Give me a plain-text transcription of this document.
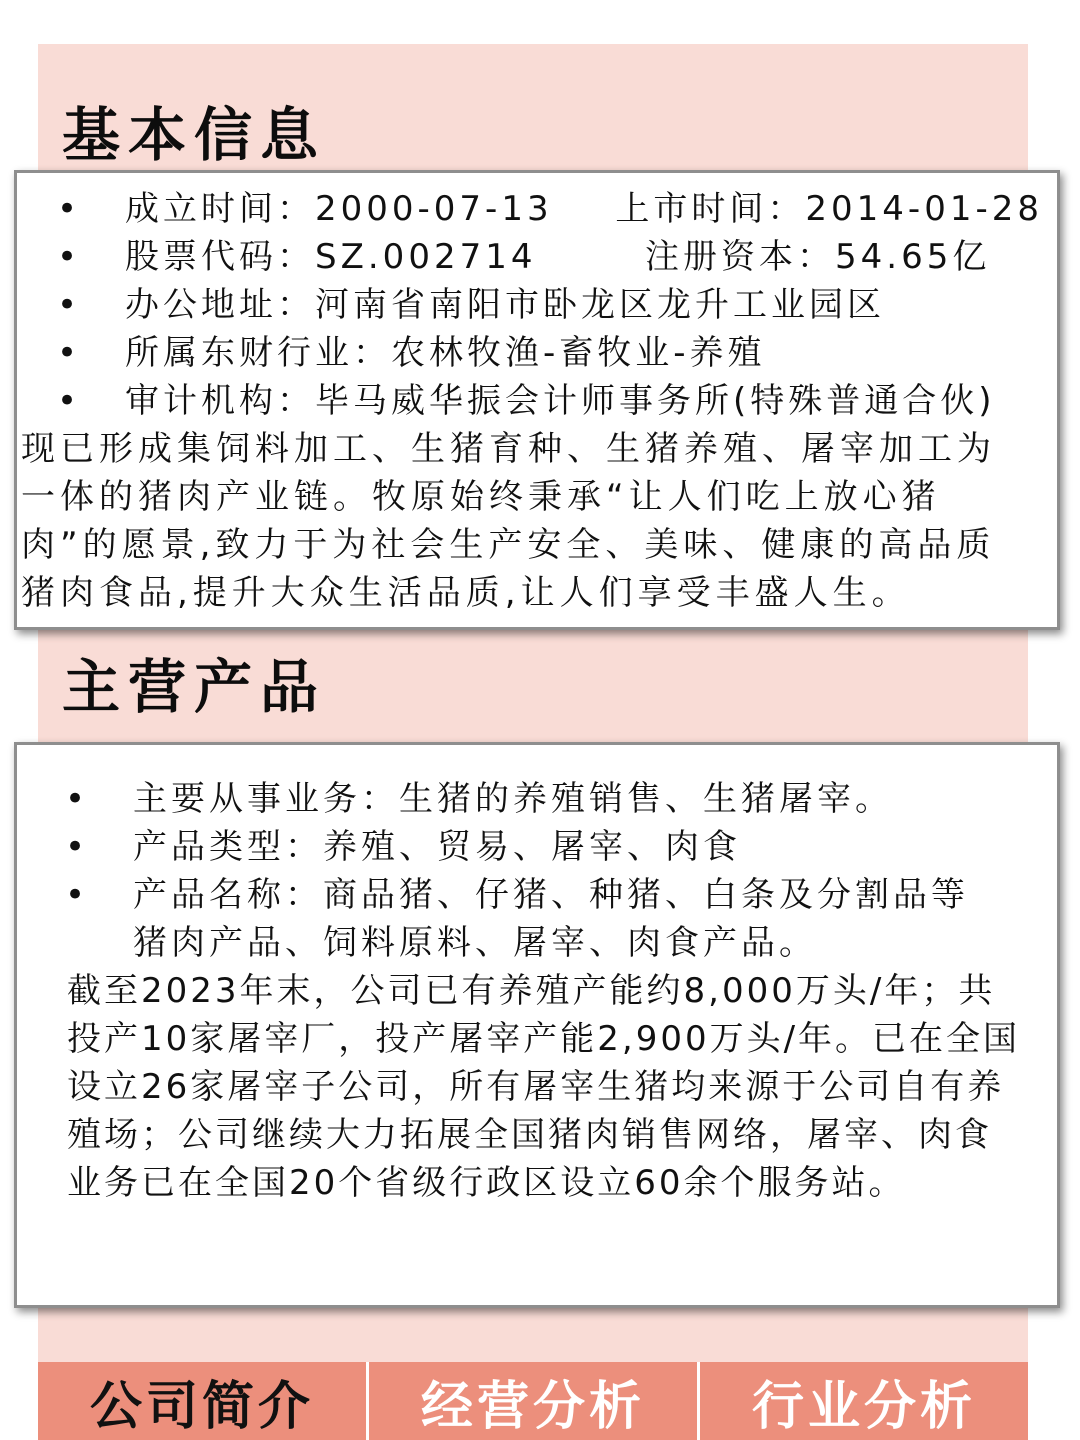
基本信息
• 成立时间：2000-07-13	上市时间：2014-01-28
• 股票代码：SZ.002714	注册资本：54.65亿
• 办公地址：河南省南阳市卧龙区龙升工业园区
• 所属东财行业：农林牧渔-畜牧业-养殖
• 审计机构：毕马威华振会计师事务所(特殊普通合伙)

现已形成集饲料加工、生猪育种、生猪养殖、屠宰加工为一体的猪肉产业链。牧原始终秉承“让人们吃上放心猪肉”的愿景,致力于为社会生产安全、美味、健康的高品质猪肉食品,提升大众生活品质,让人们享受丰盛人生。

主营产品
• 主要从事业务：生猪的养殖销售、生猪屠宰。
• 产品类型：养殖、贸易、屠宰、肉食
• 产品名称：商品猪、仔猪、种猪、白条及分割品等
猪肉产品、饲料原料、屠宰、肉食产品。

截至2023年末，公司已有养殖产能约8,000万头/年；共投产10家屠宰厂，投产屠宰产能2,900万头/年。已在全国设立26家屠宰子公司，所有屠宰生猪均来源于公司自有养殖场；公司继续大力拓展全国猪肉销售网络，屠宰、肉食业务已在全国20个省级行政区设立60余个服务站。

公司简介	经营分析	行业分析
